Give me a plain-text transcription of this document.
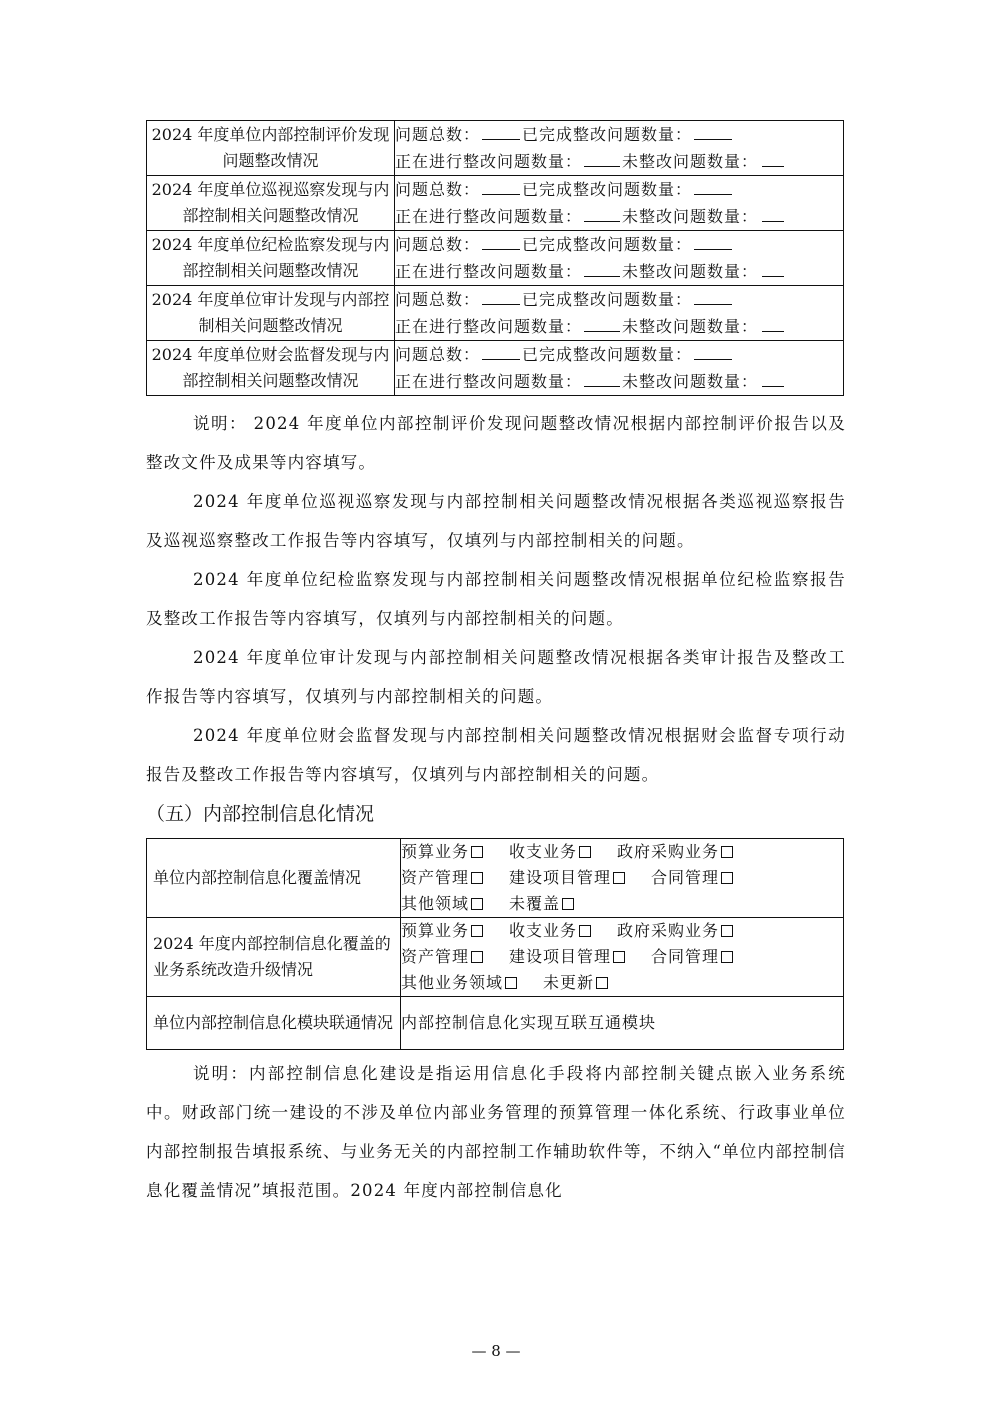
2024 年度单位内部控制评价发现问题整改情况	问题总数： 已完成整改问题数量：
正在进行整改问题数量： 未整改问题数量：

2024 年度单位巡视巡察发现与内部控制相关问题整改情况	问题总数： 已完成整改问题数量：
正在进行整改问题数量： 未整改问题数量：

2024 年度单位纪检监察发现与内部控制相关问题整改情况	问题总数： 已完成整改问题数量：
正在进行整改问题数量： 未整改问题数量：

2024 年度单位审计发现与内部控制相关问题整改情况	问题总数： 已完成整改问题数量：
正在进行整改问题数量： 未整改问题数量：

2024 年度单位财会监督发现与内部控制相关问题整改情况	问题总数： 已完成整改问题数量：
正在进行整改问题数量： 未整改问题数量：

说明： 2024 年度单位内部控制评价发现问题整改情况根据内部控制评价报告以及整改文件及成果等内容填写。

2024 年度单位巡视巡察发现与内部控制相关问题整改情况根据各类巡视巡察报告及巡视巡察整改工作报告等内容填写，仅填列与内部控制相关的问题。

2024 年度单位纪检监察发现与内部控制相关问题整改情况根据单位纪检监察报告及整改工作报告等内容填写，仅填列与内部控制相关的问题。

2024 年度单位审计发现与内部控制相关问题整改情况根据各类审计报告及整改工作报告等内容填写，仅填列与内部控制相关的问题。

2024 年度单位财会监督发现与内部控制相关问题整改情况根据财会监督专项行动报告及整改工作报告等内容填写，仅填列与内部控制相关的问题。

（五）内部控制信息化情况

单位内部控制信息化覆盖情况	预算业务 收支业务 政府采购业务
资产管理 建设项目管理 合同管理
其他领域 未覆盖

2024 年度内部控制信息化覆盖的业务系统改造升级情况	预算业务 收支业务 政府采购业务
资产管理 建设项目管理 合同管理
其他业务领域 未更新

单位内部控制信息化模块联通情况	内部控制信息化实现互联互通模块

说明：内部控制信息化建设是指运用信息化手段将内部控制关键点嵌入业务系统中。财政部门统一建设的不涉及单位内部业务管理的预算管理一体化系统、行政事业单位内部控制报告填报系统、与业务无关的内部控制工作辅助软件等，不纳入“单位内部控制信息化覆盖情况”填报范围。2024 年度内部控制信息化

— 8 —
